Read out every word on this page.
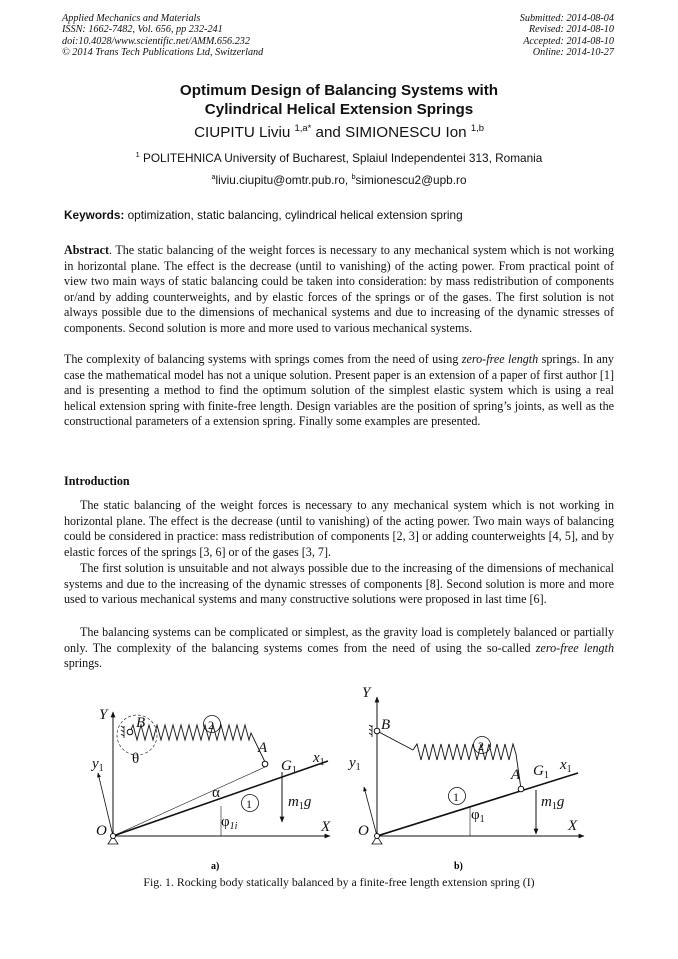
Applied Mechanics and Materials
ISSN: 1662-7482, Vol. 656, pp 232-241
doi:10.4028/www.scientific.net/AMM.656.232
© 2014 Trans Tech Publications Ltd, Switzerland
Submitted: 2014-08-04
Revised: 2014-08-10
Accepted: 2014-08-10
Online: 2014-10-27
Optimum Design of Balancing Systems with
Cylindrical Helical Extension Springs
CIUPITU Liviu $^{1,a*}$ and SIMIONESCU Ion $^{1,b}$
$^1$ POLITEHNICA University of Bucharest, Splaiul Independentei 313, Romania
$^a$liviu.ciupitu@omtr.pub.ro, $^b$simionescu2@upb.ro
Keywords: optimization, static balancing, cylindrical helical extension spring

Abstract. The static balancing of the weight forces is necessary to any mechanical system which is not working in horizontal plane. The effect is the decrease (until to vanishing) of the acting power. From practical point of view two main ways of static balancing could be taken into consideration: by mass redistribution of components or/and by adding counterweights, and by elastic forces of the springs or of the gases. The first solution is not always possible due to the dimensions of mechanical systems and due to increasing of the dynamic stresses of components. Second solution is more and more used to various mechanical systems.

The complexity of balancing systems with springs comes from the need of using zero-free length springs. In any case the mathematical model has not a unique solution. Present paper is an extension of a paper of first author [1] and is presenting a method to find the optimum solution of the simplest elastic system which is using a real helical extension spring with finite-free length. Design variables are the position of spring’s joints, as well as the constructional parameters of a extension spring. Finally some examples are presented.

Introduction

The static balancing of the weight forces is necessary to any mechanical system which is not working in horizontal plane. The effect is the decrease (until to vanishing) of the acting power. Two main ways of balancing could be considered in practice: mass redistribution of components [2, 3] or adding counterweights [4, 5], and by elastic forces of the springs [3, 6] or of the gases [3, 7].

The first solution is unsuitable and not always possible due to the increasing of the dimensions of mechanical systems and due to the increasing of the dynamic stresses of components [8]. Second solution is more and more used to various mechanical systems and many constructive solutions were proposed in last time [6].

The balancing systems can be complicated or simplest, as the gravity load is completely balanced or partially only. The complexity of the balancing systems comes from the need of using the so-called zero-free length springs.

Y
X
O
B
A
$G_1$
$x_1$
$y_1$
θ
α
$\varphi_{1i}$
$m_1g$
1
2
Y
X
O
B
A $G_1$
$x_1$
$y_1$
$\varphi_1$
$m_1g$
1
2
a)	b)
Fig. 1. Rocking body statically balanced by a finite-free length extension spring (I)
